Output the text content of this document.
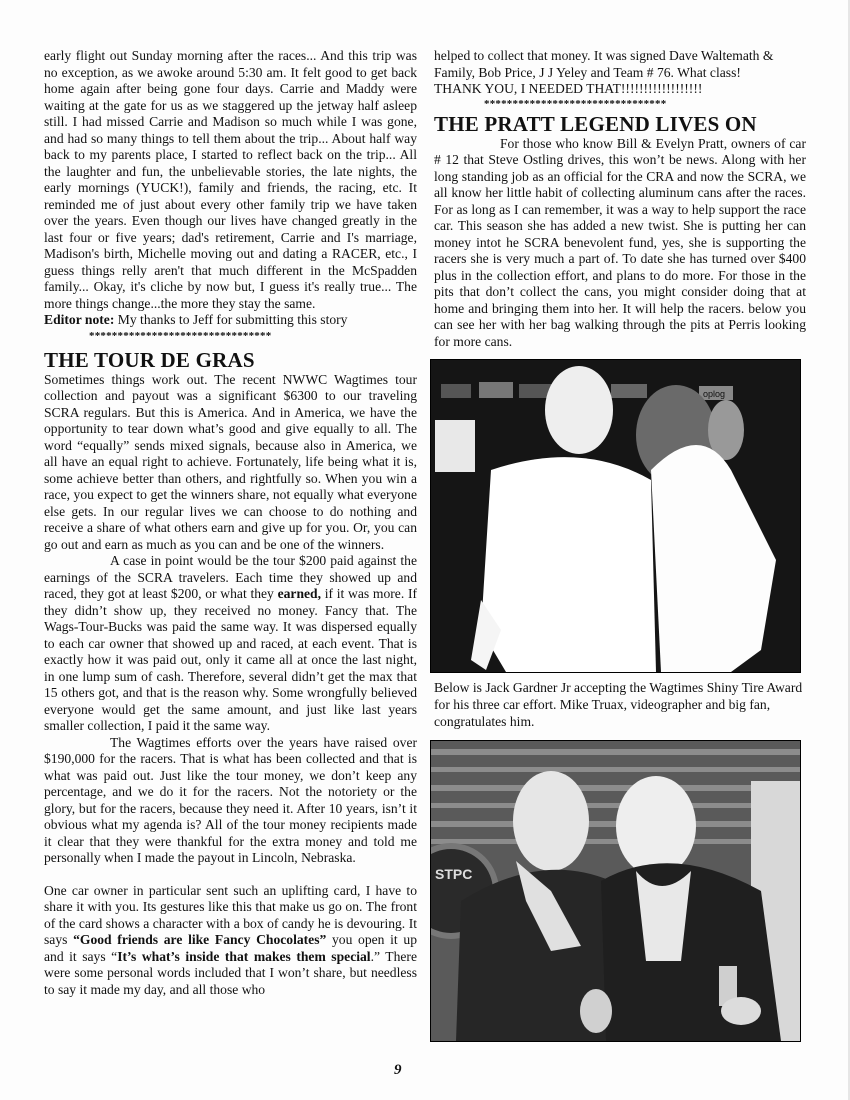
early flight out Sunday morning after the races... And this trip was no exception, as we awoke around 5:30 am. It felt good to get back home again after being gone four days. Carrie and Maddy were waiting at the gate for us as we staggered up the jetway half asleep still. I had missed Carrie and Madison so much while I was gone, and had so many things to tell them about the trip... About half way back to my parents place, I started to reflect back on the trip... All the laughter and fun, the unbelievable stories, the late nights, the early mornings (YUCK!), family and friends, the racing, etc. It reminded me of just about every other family trip we have taken over the years. Even though our lives have changed greatly in the last four or five years; dad's retirement, Carrie and I's marriage, Madison's birth, Michelle moving out and dating a RACER, etc., I guess things relly aren't that much different in the McSpadden family... Okay, it's cliche by now but, I guess it's really true... The more things change...the more they stay the same.

Editor note: My thanks to Jeff for submitting this story

********************************
THE TOUR DE GRAS

Sometimes things work out. The recent NWWC Wagtimes tour collection and payout was a significant $6300 to our traveling SCRA regulars. But this is America. And in America, we have the opportunity to tear down what’s good and give equally to all. The word “equally” sends mixed signals, because also in America, we all have an equal right to achieve. Fortunately, life being what it is, some achieve better than others, and rightfully so. When you win a race, you expect to get the winners share, not equally what everyone else gets. In our regular lives we can choose to do nothing and receive a share of what others earn and give up for you. Or, you can go out and earn as much as you can and be one of the winners.

A case in point would be the tour $200 paid against the earnings of the SCRA travelers. Each time they showed up and raced, they got at least $200, or what they earned, if it was more. If they didn’t show up, they received no money. Fancy that. The Wags-Tour-Bucks was paid the same way. It was dispersed equally to each car owner that showed up and raced, at each event. That is exactly how it was paid out, only it came all at once the last night, in one lump sum of cash. Therefore, several didn’t get the max that 15 others got, and that is the reason why. Some wrongfully believed everyone would get the same amount, and just like last years smaller collection, I paid it the same way.

The Wagtimes efforts over the years have raised over $190,000 for the racers. That is what has been collected and that is what was paid out. Just like the tour money, we don’t keep any percentage, and we do it for the racers. Not the notoriety or the glory, but for the racers, because they need it. After 10 years, isn’t it obvious what my agenda is? All of the tour money recipients made it clear that they were thankful for the extra money and told me personally when I made the payout in Lincoln, Nebraska.

One car owner in particular sent such an uplifting card, I have to share it with you. Its gestures like this that make us go on. The front of the card shows a character with a box of candy he is devouring. It says “Good friends are like Fancy Chocolates” you open it up and it says “It’s what’s inside that makes them special.” There were some personal words included that I won’t share, but needless to say it made my day, and all those who

helped to collect that money. It was signed Dave Waltemath & Family, Bob Price, J J Yeley and Team # 76. What class!

THANK YOU, I NEEDED THAT!!!!!!!!!!!!!!!!!!

********************************
THE PRATT LEGEND LIVES ON

For those who know Bill & Evelyn Pratt, owners of car # 12 that Steve Ostling drives, this won’t be news. Along with her long standing job as an official for the CRA and now the SCRA, we all know her little habit of collecting aluminum cans after the races. For as long as I can remember, it was a way to help support the race car. This season she has added a new twist. She is putting her can money intot he SCRA benevolent fund, yes, she is supporting the racers she is very much a part of. To date she has turned over $400 plus in the collection effort, and plans to do more. For those in the pits that don’t collect the cans, you might consider doing that at home and bringing them into her. It will help the racers. below you can see her with her bag walking through the pits at Perris looking for more cans.

oplog

Below is Jack Gardner Jr accepting the Wagtimes Shiny Tire Award for his three car effort. Mike Truax, videographer and big fan, congratulates him.

STPC
9
